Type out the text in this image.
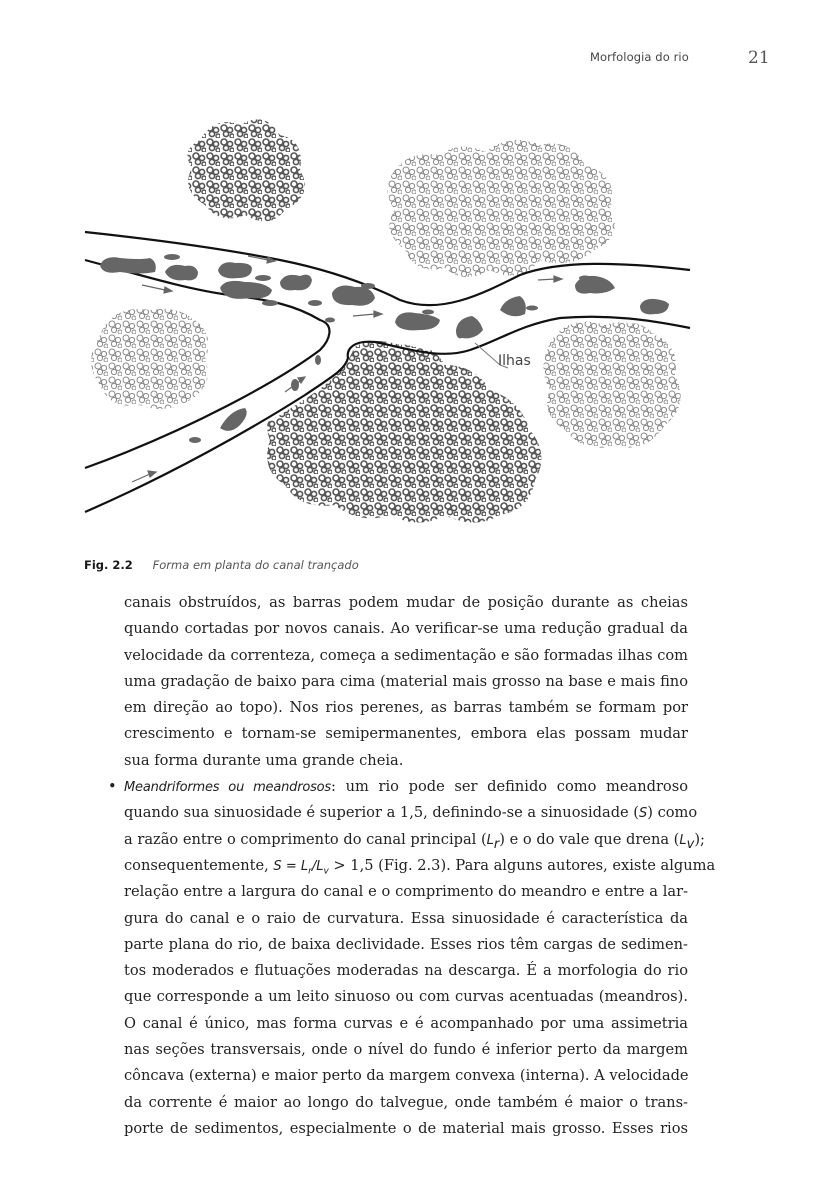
Morfologia do rio	21
Ilhas
Fig. 2.2 Forma em planta do canal trançado
canais obstruídos, as barras podem mudar de posição durante as cheias
quando cortadas por novos canais. Ao verificar-se uma redução gradual da
velocidade da correnteza, começa a sedimentação e são formadas ilhas com
uma gradação de baixo para cima (material mais grosso na base e mais fino
em direção ao topo). Nos rios perenes, as barras também se formam por
crescimento e tornam-se semipermanentes, embora elas possam mudar
sua forma durante uma grande cheia.
• Meandriformes ou meandrosos: um rio pode ser definido como meandroso
quando sua sinuosidade é superior a 1,5, definindo-se a sinuosidade (S) como
a razão entre o comprimento do canal principal $(L_r)$ e o do vale que drena $(L_v)$;
consequentemente, $S = L_r/L_v > 1,5$ (Fig. 2.3). Para alguns autores, existe alguma
relação entre a largura do canal e o comprimento do meandro e entre a lar-
gura do canal e o raio de curvatura. Essa sinuosidade é característica da
parte plana do rio, de baixa declividade. Esses rios têm cargas de sedimen-
tos moderados e flutuações moderadas na descarga. É a morfologia do rio
que corresponde a um leito sinuoso ou com curvas acentuadas (meandros).
O canal é único, mas forma curvas e é acompanhado por uma assimetria
nas seções transversais, onde o nível do fundo é inferior perto da margem
côncava (externa) e maior perto da margem convexa (interna). A velocidade
da corrente é maior ao longo do talvegue, onde também é maior o trans-
porte de sedimentos, especialmente o de material mais grosso. Esses rios
